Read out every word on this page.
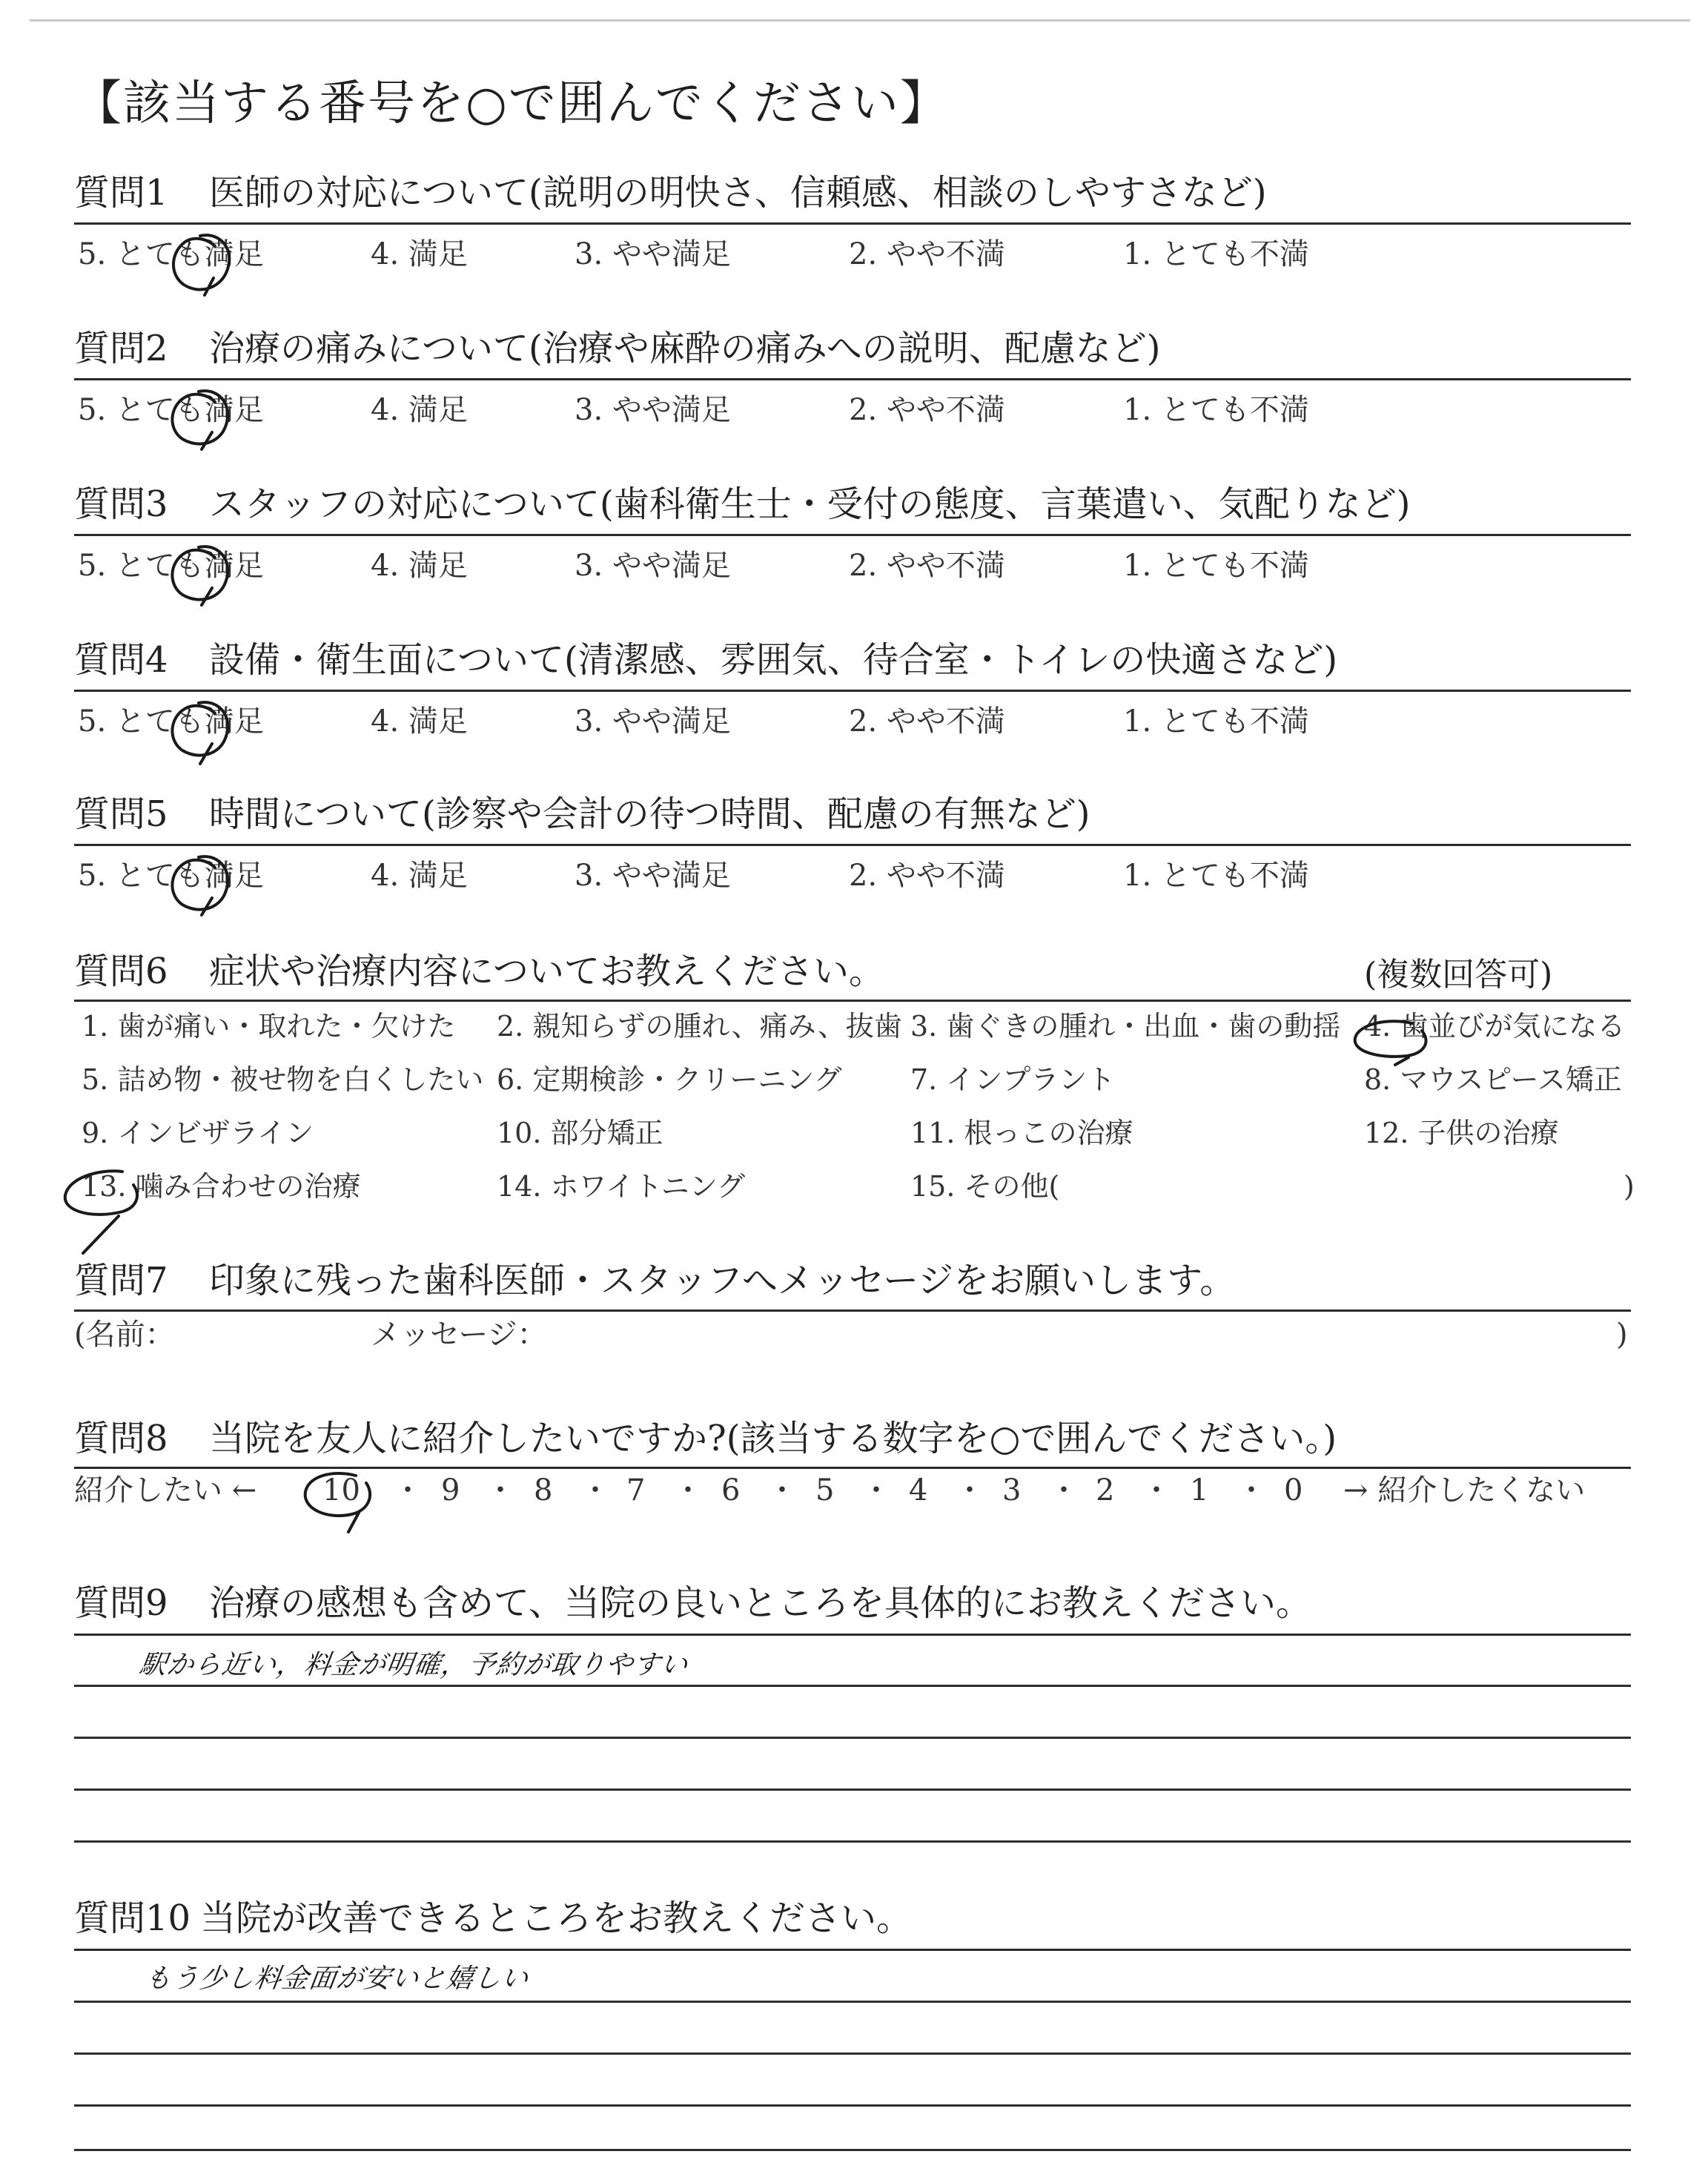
【該当する番号を○で囲んでください】
質問1 医師の対応について(説明の明快さ、信頼感、相談のしやすさなど)
5. とても満足	4. 満足	3. やや満足	2. やや不満	1. とても不満
質問2 治療の痛みについて(治療や麻酔の痛みへの説明、配慮など)
5. とても満足	4. 満足	3. やや満足	2. やや不満	1. とても不満
質問3 スタッフの対応について(歯科衛生士・受付の態度、言葉遣い、気配りなど)
5. とても満足	4. 満足	3. やや満足	2. やや不満	1. とても不満
質問4 設備・衛生面について(清潔感、雰囲気、待合室・トイレの快適さなど)
5. とても満足	4. 満足	3. やや満足	2. やや不満	1. とても不満
質問5 時間について(診察や会計の待つ時間、配慮の有無など)
5. とても満足	4. 満足	3. やや満足	2. やや不満	1. とても不満
質問6 症状や治療内容についてお教えください。	(複数回答可)
1. 歯が痛い・取れた・欠けた 2. 親知らずの腫れ、痛み、抜歯 3. 歯ぐきの腫れ・出血・歯の動揺 4. 歯並びが気になる
5. 詰め物・被せ物を白くしたい 6. 定期検診・クリーニング 7. インプラント	8. マウスピース矯正
9. インビザライン	10. 部分矯正	11. 根っこの治療	12. 子供の治療
13. 噛み合わせの治療	14. ホワイトニング	15. その他(	)
質問7 印象に残った歯科医師・スタッフへメッセージをお願いします。
(名前：	メッセージ：	)
質問8 当院を友人に紹介したいですか?(該当する数字を○で囲んでください。)
紹介したい ← 10 ・ 9 ・ 8 ・ 7 ・ 6 ・ 5 ・ 4 ・ 3 ・ 2 ・ 1 ・ 0 → 紹介したくない
質問9 治療の感想も含めて、当院の良いところを具体的にお教えください。
駅から近い，料金が明確，予約が取りやすい
質問10 当院が改善できるところをお教えください。
もう少し料金面が安いと嬉しい
